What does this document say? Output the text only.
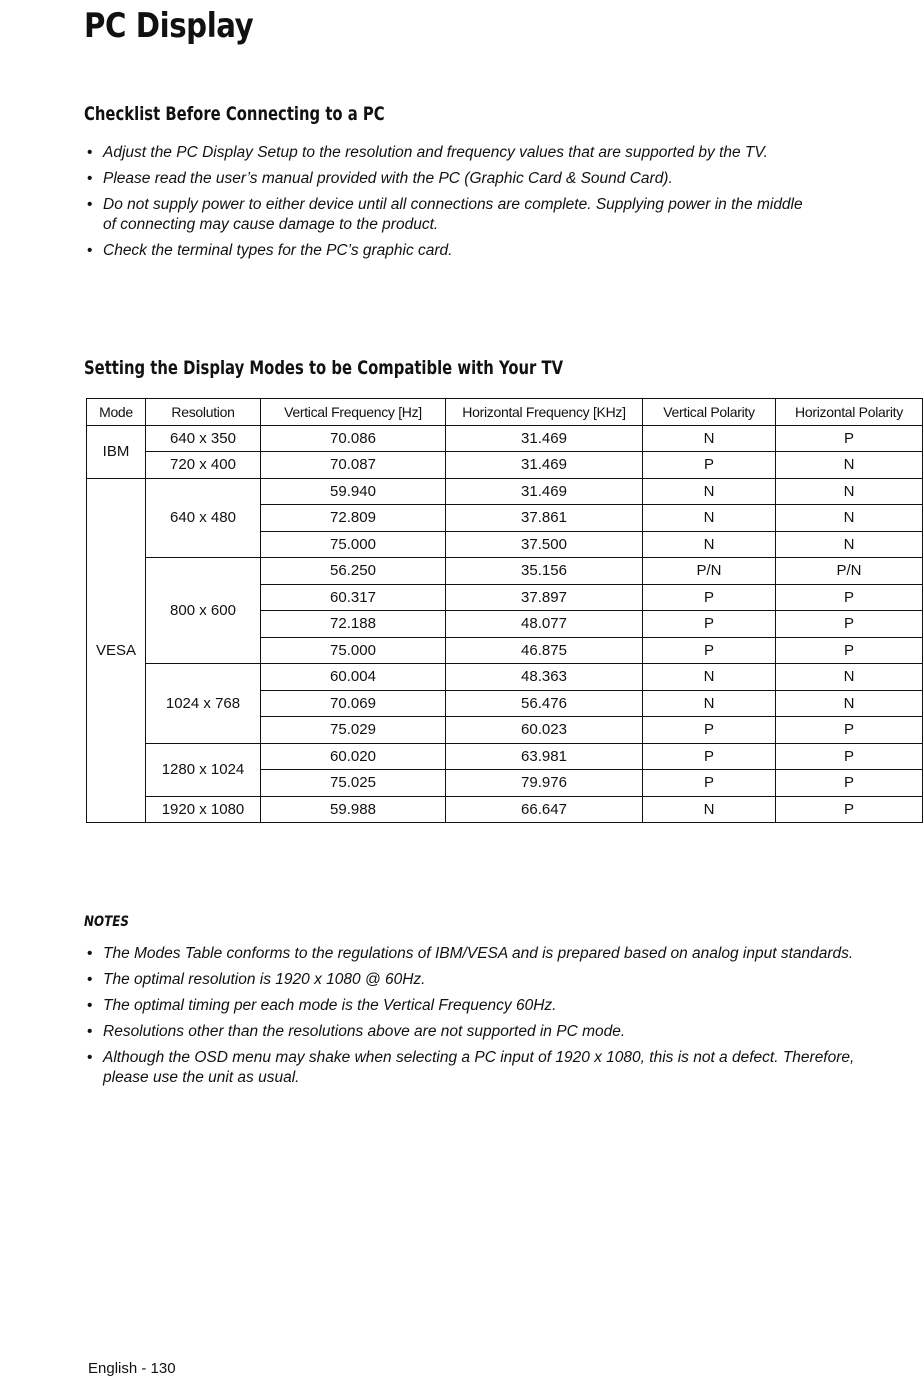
PC Display
Checklist Before Connecting to a PC
• Adjust the PC Display Setup to the resolution and frequency values that are supported by the TV.
• Please read the user’s manual provided with the PC (Graphic Card & Sound Card).
• Do not supply power to either device until all connections are complete. Supplying power in the middle of connecting may cause damage to the product.
• Check the terminal types for the PC’s graphic card.
Setting the Display Modes to be Compatible with Your TV
Mode	Resolution	Vertical Frequency [Hz]	Horizontal Frequency [KHz]	Vertical Polarity	Horizontal Polarity
IBM	640 x 350	70.086	31.469	N	P
	720 x 400	70.087	31.469	P	N
VESA	640 x 480	59.940	31.469	N	N
		72.809	37.861	N	N
		75.000	37.500	N	N
	800 x 600	56.250	35.156	P/N	P/N
		60.317	37.897	P	P
		72.188	48.077	P	P
		75.000	46.875	P	P
	1024 x 768	60.004	48.363	N	N
		70.069	56.476	N	N
		75.029	60.023	P	P
	1280 x 1024	60.020	63.981	P	P
		75.025	79.976	P	P
	1920 x 1080	59.988	66.647	N	P
NOTES
• The Modes Table conforms to the regulations of IBM/VESA and is prepared based on analog input standards.
• The optimal resolution is 1920 x 1080 @ 60Hz.
• The optimal timing per each mode is the Vertical Frequency 60Hz.
• Resolutions other than the resolutions above are not supported in PC mode.
• Although the OSD menu may shake when selecting a PC input of 1920 x 1080, this is not a defect. Therefore, please use the unit as usual.
English - 130
